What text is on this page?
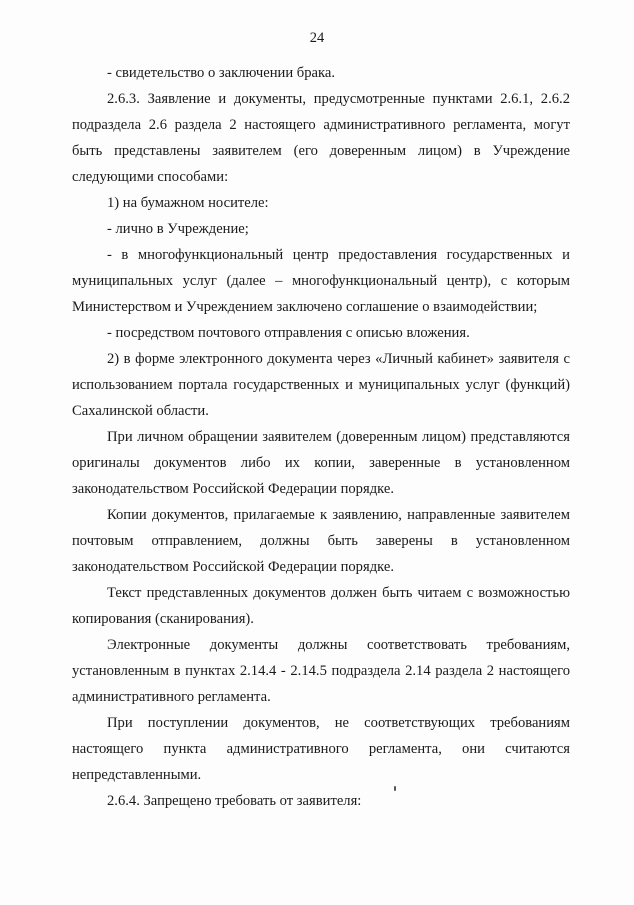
24

- свидетельство о заключении брака.

2.6.3. Заявление и документы, предусмотренные пунктами 2.6.1, 2.6.2 подраздела 2.6 раздела 2 настоящего административного регламента, могут быть представлены заявителем (его доверенным лицом) в Учреждение следующими способами:

1) на бумажном носителе:

- лично в Учреждение;

- в многофункциональный центр предоставления государственных и муниципальных услуг (далее – многофункциональный центр), с которым Министерством и Учреждением заключено соглашение о взаимодействии;

- посредством почтового отправления с описью вложения.

2) в форме электронного документа через «Личный кабинет» заявителя с использованием портала государственных и муниципальных услуг (функций) Сахалинской области.

При личном обращении заявителем (доверенным лицом) представляются оригиналы документов либо их копии, заверенные в установленном законодательством Российской Федерации порядке.

Копии документов, прилагаемые к заявлению, направленные заявителем почтовым отправлением, должны быть заверены в установленном законодательством Российской Федерации порядке.

Текст представленных документов должен быть читаем с возможностью копирования (сканирования).

Электронные документы должны соответствовать требованиям, установленным в пунктах 2.14.4 - 2.14.5 подраздела 2.14 раздела 2 настоящего административного регламента.

При поступлении документов, не соответствующих требованиям настоящего пункта административного регламента, они считаются непредставленными.

2.6.4. Запрещено требовать от заявителя:
